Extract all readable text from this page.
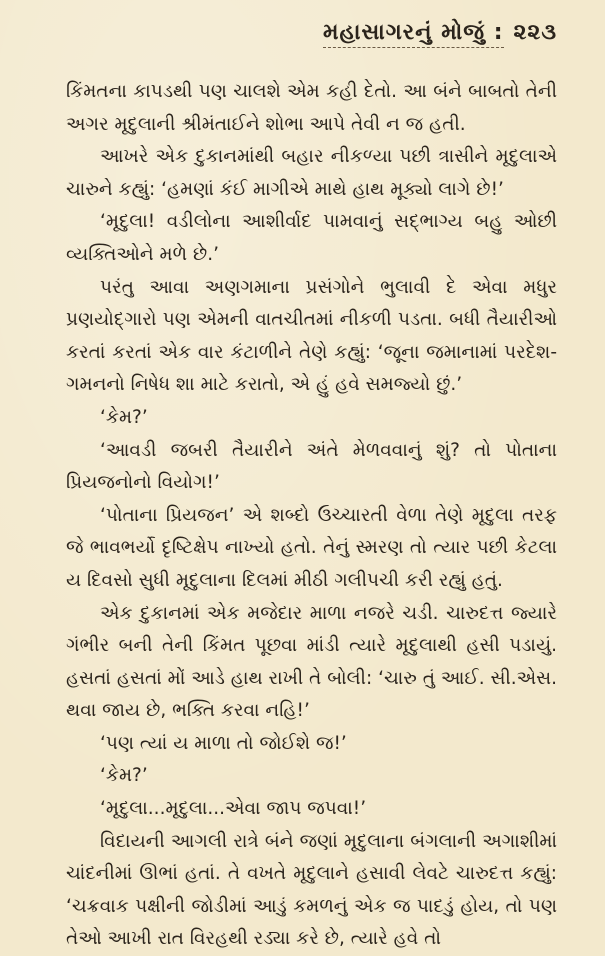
મહાસાગરનું મોજું : ૨૨૩

કિંમતના કાપડથી પણ ચાલશે એમ કહી દેતો. આ બંને બાબતો તેની અગર મૃદુલાની શ્રીમંતાઈને શોભા આપે તેવી ન જ હતી.

આખરે એક દુકાનમાંથી બહાર નીકળ્યા પછી ત્રાસીને મૃદુલાએ ચારુને કહ્યું: ‘હમણાં કંઈ માગીએ માથે હાથ મૂક્યો લાગે છે!’

‘મૃદુલા! વડીલોના આશીર્વાદ પામવાનું સદ્ભાગ્ય બહુ ઓછી વ્યક્તિઓને મળે છે.’

પરંતુ આવા અણગમાના પ્રસંગોને ભુલાવી દે એવા મધુર પ્રણયોદ્ગારો પણ એમની વાતચીતમાં નીકળી પડતા. બધી તૈયારીઓ કરતાં કરતાં એક વાર કંટાળીને તેણે કહ્યું: ‘જૂના જમાનામાં પરદેશ-ગમનનો નિષેધ શા માટે કરાતો, એ હું હવે સમજ્યો છું.’

‘કેમ?’

‘આવડી જબરી તૈયારીને અંતે મેળવવાનું શું? તો પોતાના પ્રિયજનોનો વિયોગ!’

‘પોતાના પ્રિયજન’ એ શબ્દો ઉચ્ચારતી વેળા તેણે મૃદુલા તરફ જે ભાવભર્યો દૃષ્ટિક્ષેપ નાખ્યો હતો. તેનું સ્મરણ તો ત્યાર પછી કેટલા ય દિવસો સુધી મૃદુલાના દિલમાં મીઠી ગલીપચી કરી રહ્યું હતું.

એક દુકાનમાં એક મજેદાર માળા નજરે ચડી. ચારુદત્ત જ્યારે ગંભીર બની તેની કિંમત પૂછવા માંડી ત્યારે મૃદુલાથી હસી પડાયું. હસતાં હસતાં મોં આડે હાથ રાખી તે બોલી: ‘ચારુ તું આઈ. સી.એસ. થવા જાય છે, ભક્તિ કરવા નહિ!’

‘પણ ત્યાં ય માળા તો જોઈશે જ!’

‘કેમ?’

‘મૃદુલા...મૃદુલા...એવા જાપ જપવા!’

વિદાયની આગલી રાત્રે બંને જણાં મૃદુલાના બંગલાની અગાશીમાં ચાંદનીમાં ઊભાં હતાં. તે વખતે મૃદુલાને હસાવી લેવટે ચારુદત્ત કહ્યું: ‘ચક્રવાક પક્ષીની જોડીમાં આડું કમળનું એક જ પાદડું હોય, તો પણ તેઓ આખી રાત વિરહથી રડ્યા કરે છે, ત્યારે હવે તો
